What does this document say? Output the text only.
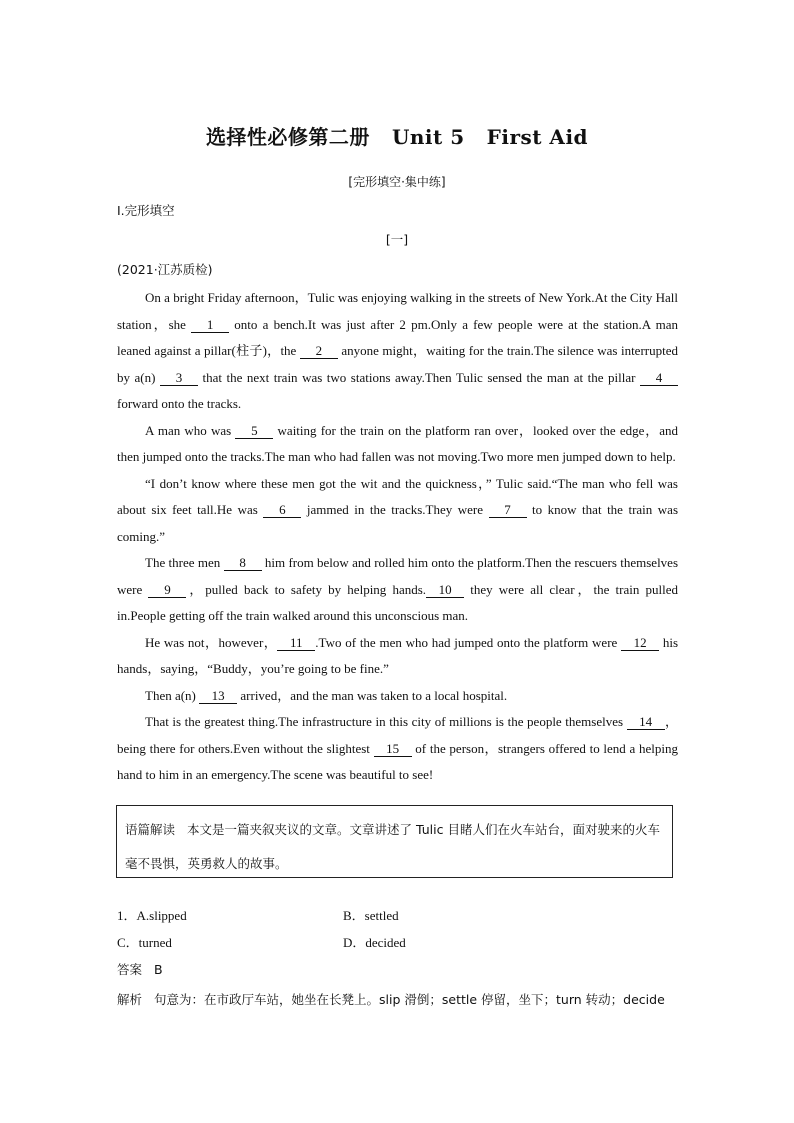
选择性必修第二册 Unit 5 First Aid
[完形填空·集中练]
Ⅰ.完形填空
[一]
(2021·江苏质检)

On a bright Friday afternoon，Tulic was enjoying walking in the streets of New York.At the City Hall station，she 1 onto a bench.It was just after 2 pm.Only a few people were at the station.A man leaned against a pillar(柱子)，the 2 anyone might，waiting for the train.The silence was interrupted by a(n) 3 that the next train was two stations away.Then Tulic sensed the man at the pillar 4 forward onto the tracks.

A man who was 5 waiting for the train on the platform ran over，looked over the edge，and then jumped onto the tracks.The man who had fallen was not moving.Two more men jumped down to help.

“I don’t know where these men got the wit and the quickness，” Tulic said.“The man who fell was about six feet tall.He was 6 jammed in the tracks.They were 7 to know that the train was coming.”

The three men 8 him from below and rolled him onto the platform.Then the rescuers themselves were 9 ，pulled back to safety by helping hands. 10 they were all clear，the train pulled in.People getting off the train walked around this unconscious man.

He was not，however， 11 .Two of the men who had jumped onto the platform were 12 his hands，saying，“Buddy，you’re going to be fine.”

Then a(n) 13 arrived，and the man was taken to a local hospital.

That is the greatest thing.The infrastructure in this city of millions is the people themselves 14 ，being there for others.Even without the slightest 15 of the person，strangers offered to lend a helping hand to him in an emergency.The scene was beautiful to see!

语篇解读 本文是一篇夹叙夹议的文章。文章讲述了 Tulic 目睹人们在火车站台，面对驶来的火车毫不畏惧，英勇救人的故事。
1．A.slipped	B．settled
C．turned	D．decided
答案 B
解析 句意为：在市政厅车站，她坐在长凳上。slip 滑倒；settle 停留，坐下；turn 转动；decide
